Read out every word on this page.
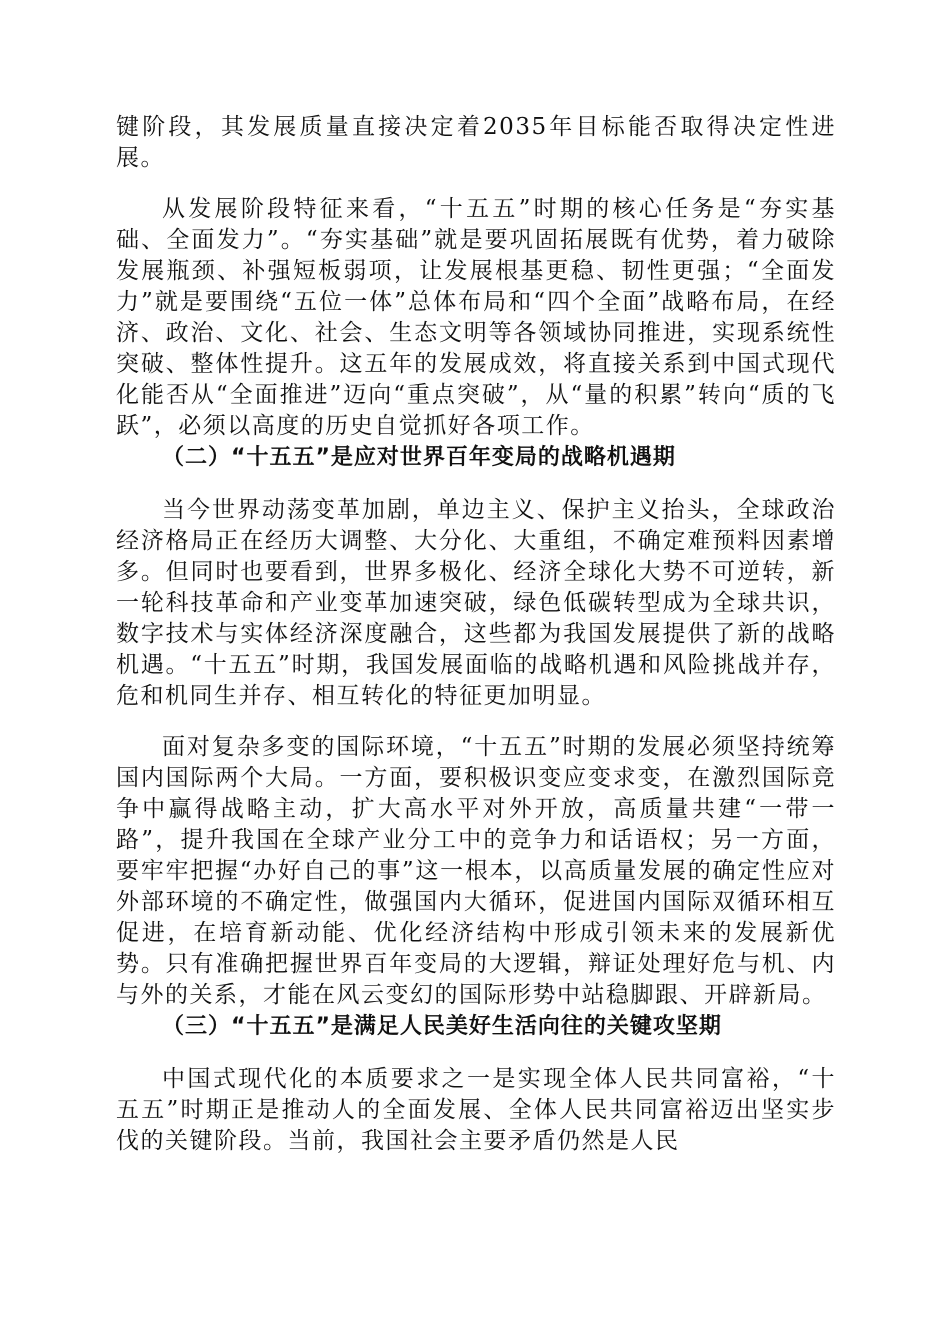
键阶段，其发展质量直接决定着2035年目标能否取得决定性进展。

从发展阶段特征来看，“十五五”时期的核心任务是“夯实基础、全面发力”。“夯实基础”就是要巩固拓展既有优势，着力破除发展瓶颈、补强短板弱项，让发展根基更稳、韧性更强；“全面发力”就是要围绕“五位一体”总体布局和“四个全面”战略布局，在经济、政治、文化、社会、生态文明等各领域协同推进，实现系统性突破、整体性提升。这五年的发展成效，将直接关系到中国式现代化能否从“全面推进”迈向“重点突破”，从“量的积累”转向“质的飞跃”，必须以高度的历史自觉抓好各项工作。

（二）“十五五”是应对世界百年变局的战略机遇期

当今世界动荡变革加剧，单边主义、保护主义抬头，全球政治经济格局正在经历大调整、大分化、大重组，不确定难预料因素增多。但同时也要看到，世界多极化、经济全球化大势不可逆转，新一轮科技革命和产业变革加速突破，绿色低碳转型成为全球共识，数字技术与实体经济深度融合，这些都为我国发展提供了新的战略机遇。“十五五”时期，我国发展面临的战略机遇和风险挑战并存，危和机同生并存、相互转化的特征更加明显。

面对复杂多变的国际环境，“十五五”时期的发展必须坚持统筹国内国际两个大局。一方面，要积极识变应变求变，在激烈国际竞争中赢得战略主动，扩大高水平对外开放，高质量共建“一带一路”，提升我国在全球产业分工中的竞争力和话语权；另一方面，要牢牢把握“办好自己的事”这一根本，以高质量发展的确定性应对外部环境的不确定性，做强国内大循环，促进国内国际双循环相互促进，在培育新动能、优化经济结构中形成引领未来的发展新优势。只有准确把握世界百年变局的大逻辑，辩证处理好危与机、内与外的关系，才能在风云变幻的国际形势中站稳脚跟、开辟新局。

（三）“十五五”是满足人民美好生活向往的关键攻坚期

中国式现代化的本质要求之一是实现全体人民共同富裕，“十五五”时期正是推动人的全面发展、全体人民共同富裕迈出坚实步伐的关键阶段。当前，我国社会主要矛盾仍然是人民
